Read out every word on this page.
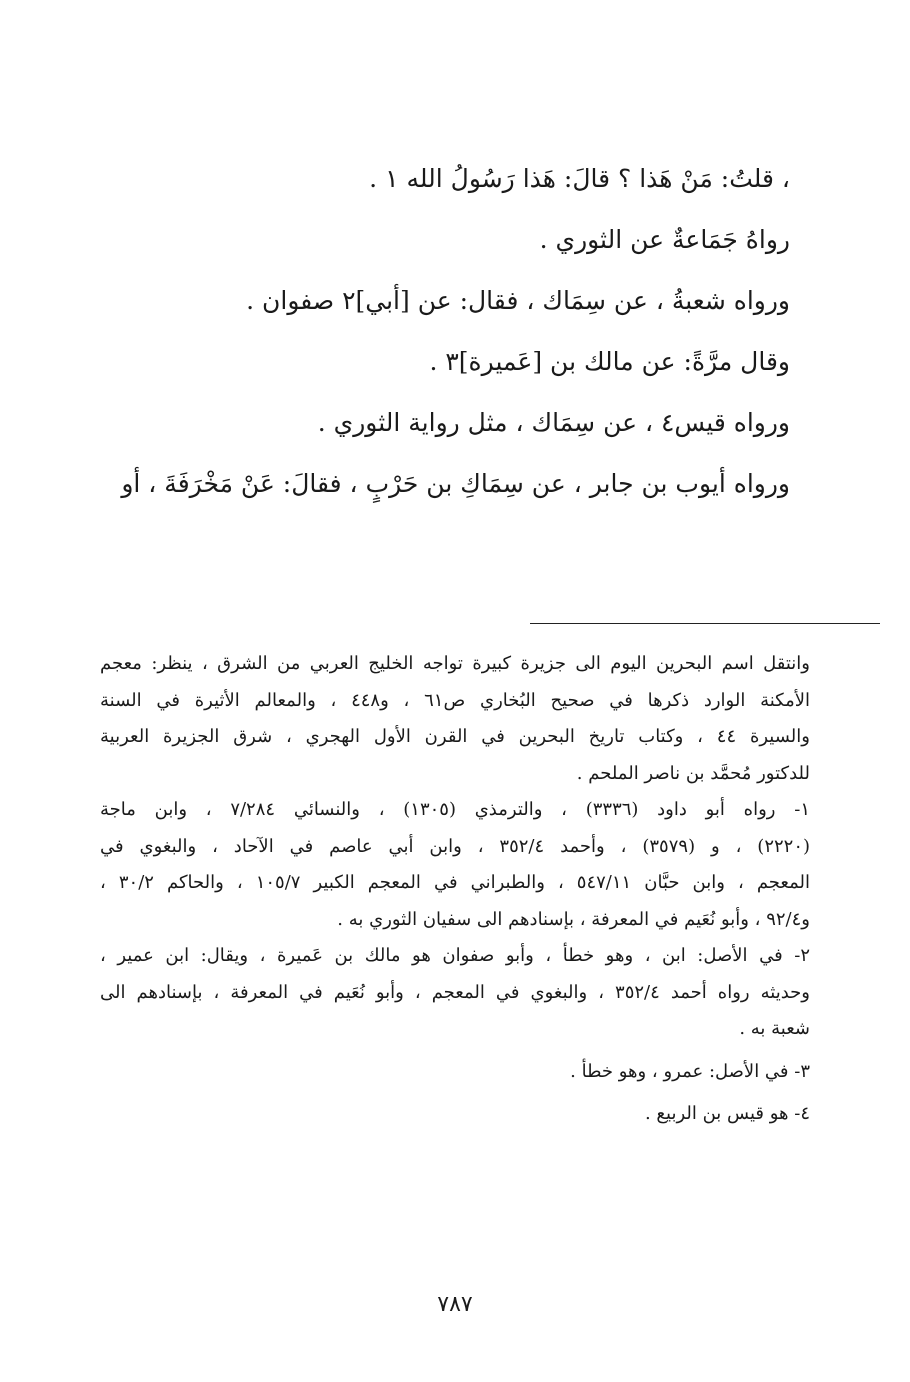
، قلتُ: مَنْ هَذا ؟ قالَ: هَذا رَسُولُ الله ١ .
رواهُ جَمَاعةٌ عن الثوري .
ورواه شعبةُ ، عن سِمَاك ، فقال: عن [أبي]٢ صفوان .
وقال مرَّةً: عن مالك بن [عَميرة]٣ .
ورواه قيس٤ ، عن سِمَاك ، مثل رواية الثوري .
ورواه أيوب بن جابر ، عن سِمَاكِ بن حَرْبٍ ، فقالَ: عَنْ مَخْرَفَةَ ، أو
وانتقل اسم البحرين اليوم الى جزيرة كبيرة تواجه الخليج العربي من الشرق ، ينظر: معجم
الأمكنة الوارد ذكرها في صحيح البُخاري ص٦١ ، و٤٤٨ ، والمعالم الأثيرة في السنة
والسيرة ٤٤ ، وكتاب تاريخ البحرين في القرن الأول الهجري ، شرق الجزيرة العربية
للدكتور مُحمَّد بن ناصر الملحم .
١- رواه أبو داود (٣٣٣٦) ، والترمذي (١٣٠٥) ، والنسائي ٧/٢٨٤ ، وابن ماجة
(٢٢٢٠) ، و (٣٥٧٩) ، وأحمد ٣٥٢/٤ ، وابن أبي عاصم في الآحاد ، والبغوي في
المعجم ، وابن حبَّان ٥٤٧/١١ ، والطبراني في المعجم الكبير ١٠٥/٧ ، والحاكم ٣٠/٢ ،
و٩٢/٤ ، وأبو نُعَيم في المعرفة ، بإسنادهم الى سفيان الثوري به .
٢- في الأصل: ابن ، وهو خطأ ، وأبو صفوان هو مالك بن عَميرة ، ويقال: ابن عمير ،
وحديثه رواه أحمد ٣٥٢/٤ ، والبغوي في المعجم ، وأبو نُعَيم في المعرفة ، بإسنادهم الى
شعبة به .
٣- في الأصل: عمرو ، وهو خطأ .
٤- هو قيس بن الربيع .
٧٨٧
